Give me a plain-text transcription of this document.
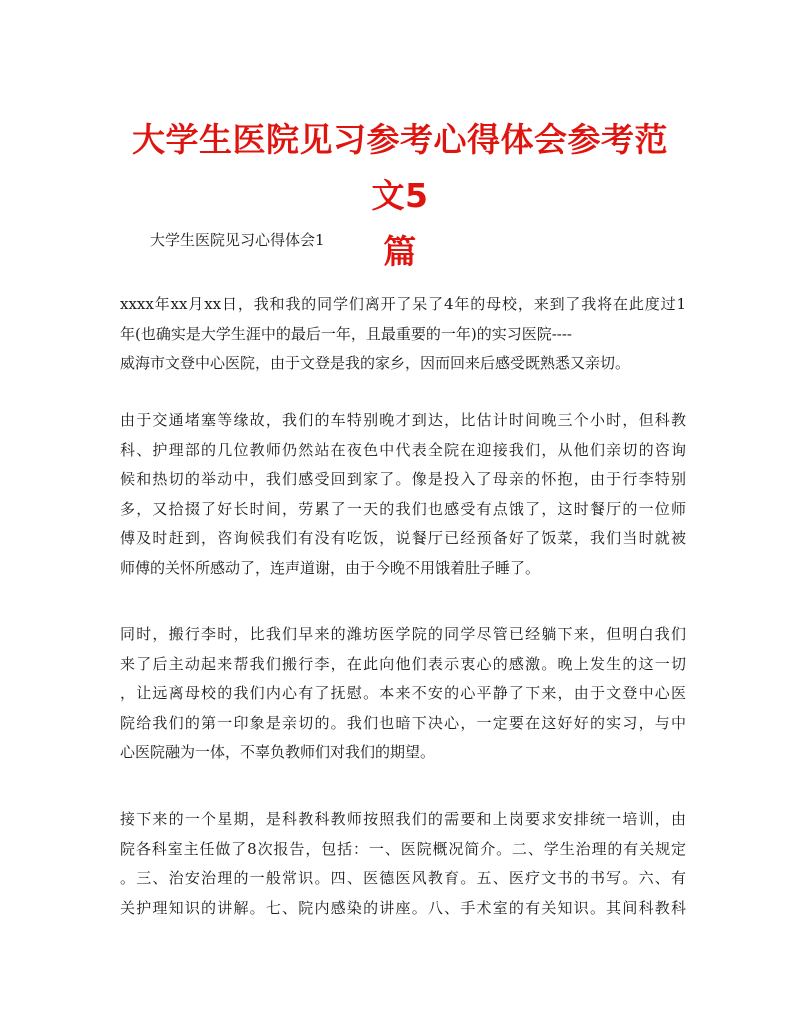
大学生医院见习参考心得体会参考范文5
篇

大学生医院见习心得体会1

xxxx年xx月xx日，我和我的同学们离开了呆了4年的母校，来到了我将在此度过1
年(也确实是大学生涯中的最后一年，且最重要的一年)的实习医院----
威海市文登中心医院，由于文登是我的家乡，因而回来后感受既熟悉又亲切。
由于交通堵塞等缘故，我们的车特别晚才到达，比估计时间晚三个小时，但科教
科、护理部的几位教师仍然站在夜色中代表全院在迎接我们，从他们亲切的咨询
候和热切的举动中，我们感受回到家了。像是投入了母亲的怀抱，由于行李特别
多，又拾掇了好长时间，劳累了一天的我们也感受有点饿了，这时餐厅的一位师
傅及时赶到，咨询候我们有没有吃饭，说餐厅已经预备好了饭菜，我们当时就被
师傅的关怀所感动了，连声道谢，由于今晚不用饿着肚子睡了。
同时，搬行李时，比我们早来的潍坊医学院的同学尽管已经躺下来，但明白我们
来了后主动起来帮我们搬行李，在此向他们表示衷心的感激。晚上发生的这一切
，让远离母校的我们内心有了抚慰。本来不安的心平静了下来，由于文登中心医
院给我们的第一印象是亲切的。我们也暗下决心，一定要在这好好的实习，与中
心医院融为一体，不辜负教师们对我们的期望。
接下来的一个星期，是科教科教师按照我们的需要和上岗要求安排统一培训，由
院各科室主任做了8次报告，包括：一、医院概况简介。二、学生治理的有关规定
。三、治安治理的一般常识。四、医德医风教育。五、医疗文书的书写。六、有
关护理知识的讲解。七、院内感染的讲座。八、手术室的有关知识。其间科教科
